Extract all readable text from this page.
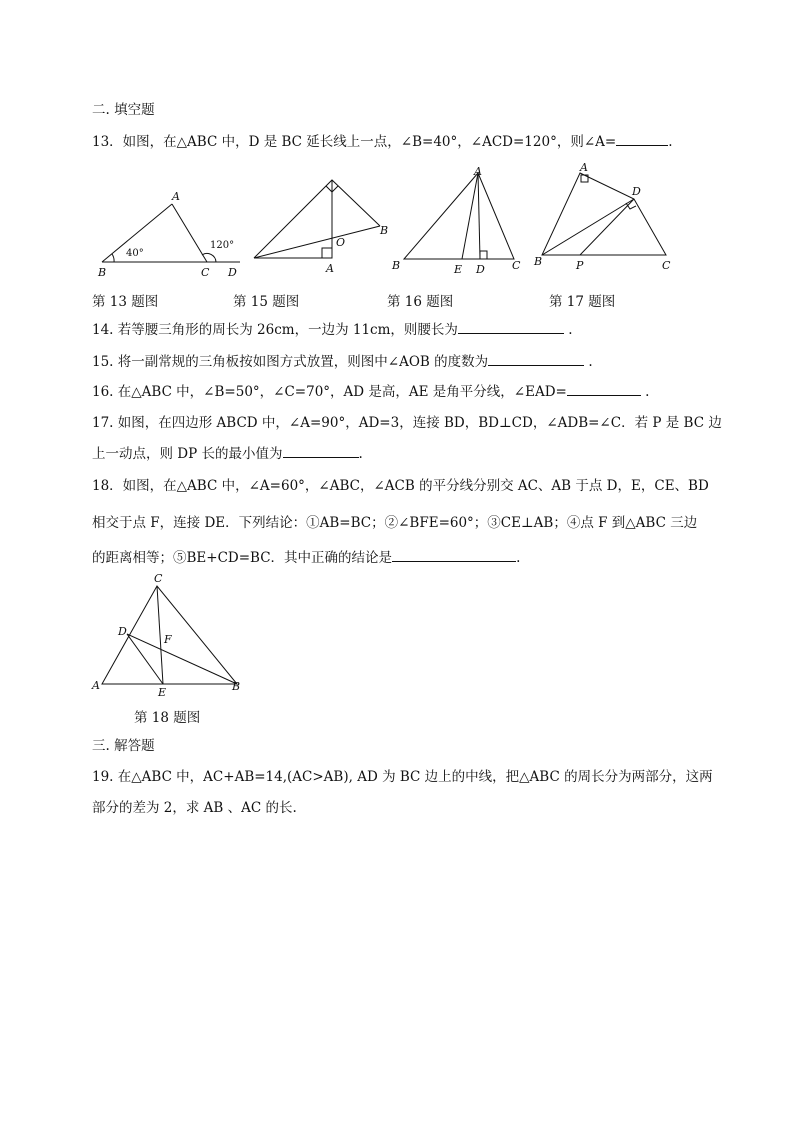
二. 填空题
13．如图，在△ABC 中，D 是 BC 延长线上一点，∠B=40°，∠ACD=120°，则∠A=	.
A
B	C D
40°
120°	O
A
B
A
B	E D C
A
D
B	P	C
第 13 题图	第 15 题图	第 16 题图	第 17 题图
14. 若等腰三角形的周长为 26cm，一边为 11cm，则腰长为	.
15. 将一副常规的三角板按如图方式放置，则图中∠AOB 的度数为	.
16. 在△ABC 中，∠B=50°，∠C=70°，AD 是高，AE 是角平分线，∠EAD=	.
17. 如图，在四边形 ABCD 中，∠A=90°，AD=3，连接 BD，BD⊥CD，∠ADB=∠C．若 P 是 BC 边
上一动点，则 DP 长的最小值为	.
18．如图，在△ABC 中，∠A=60°，∠ABC，∠ACB 的平分线分别交 AC、AB 于点 D，E，CE、BD
相交于点 F，连接 DE．下列结论：①AB=BC；②∠BFE=60°；③CE⊥AB；④点 F 到△ABC 三边
的距离相等；⑤BE+CD=BC．其中正确的结论是	.
C
D
F
A
E	B
第 18 题图
三. 解答题
19. 在△ABC 中，AC+AB=14,(AC>AB), AD 为 BC 边上的中线，把△ABC 的周长分为两部分，这两
部分的差为 2，求 AB 、AC 的长.
